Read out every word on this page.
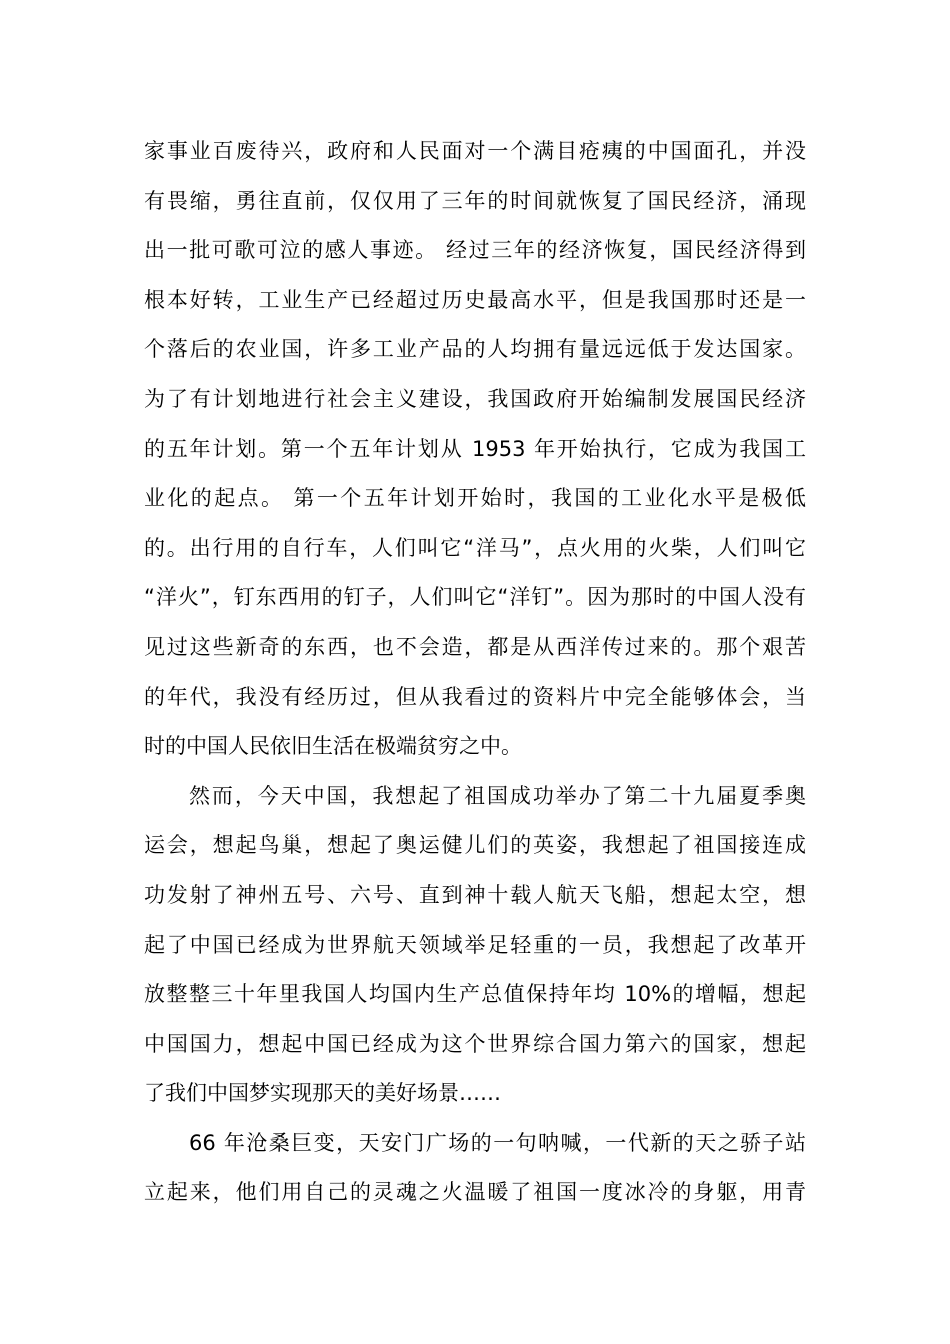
家事业百废待兴，政府和人民面对一个满目疮痍的中国面孔，并没
有畏缩，勇往直前，仅仅用了三年的时间就恢复了国民经济，涌现
出一批可歌可泣的感人事迹。 经过三年的经济恢复，国民经济得到
根本好转，工业生产已经超过历史最高水平，但是我国那时还是一
个落后的农业国，许多工业产品的人均拥有量远远低于发达国家。
为了有计划地进行社会主义建设，我国政府开始编制发展国民经济
的五年计划。第一个五年计划从 1953 年开始执行，它成为我国工
业化的起点。 第一个五年计划开始时，我国的工业化水平是极低
的。出行用的自行车，人们叫它“洋马”，点火用的火柴，人们叫它
“洋火”，钉东西用的钉子，人们叫它“洋钉”。因为那时的中国人没有
见过这些新奇的东西，也不会造，都是从西洋传过来的。那个艰苦
的年代，我没有经历过，但从我看过的资料片中完全能够体会，当
时的中国人民依旧生活在极端贫穷之中。
然而，今天中国，我想起了祖国成功举办了第二十九届夏季奥
运会，想起鸟巢，想起了奥运健儿们的英姿，我想起了祖国接连成
功发射了神州五号、六号、直到神十载人航天飞船，想起太空，想
起了中国已经成为世界航天领域举足轻重的一员，我想起了改革开
放整整三十年里我国人均国内生产总值保持年均 10%的增幅，想起
中国国力，想起中国已经成为这个世界综合国力第六的国家，想起
了我们中国梦实现那天的美好场景……
66 年沧桑巨变，天安门广场的一句呐喊，一代新的天之骄子站
立起来，他们用自己的灵魂之火温暖了祖国一度冰冷的身躯，用青
